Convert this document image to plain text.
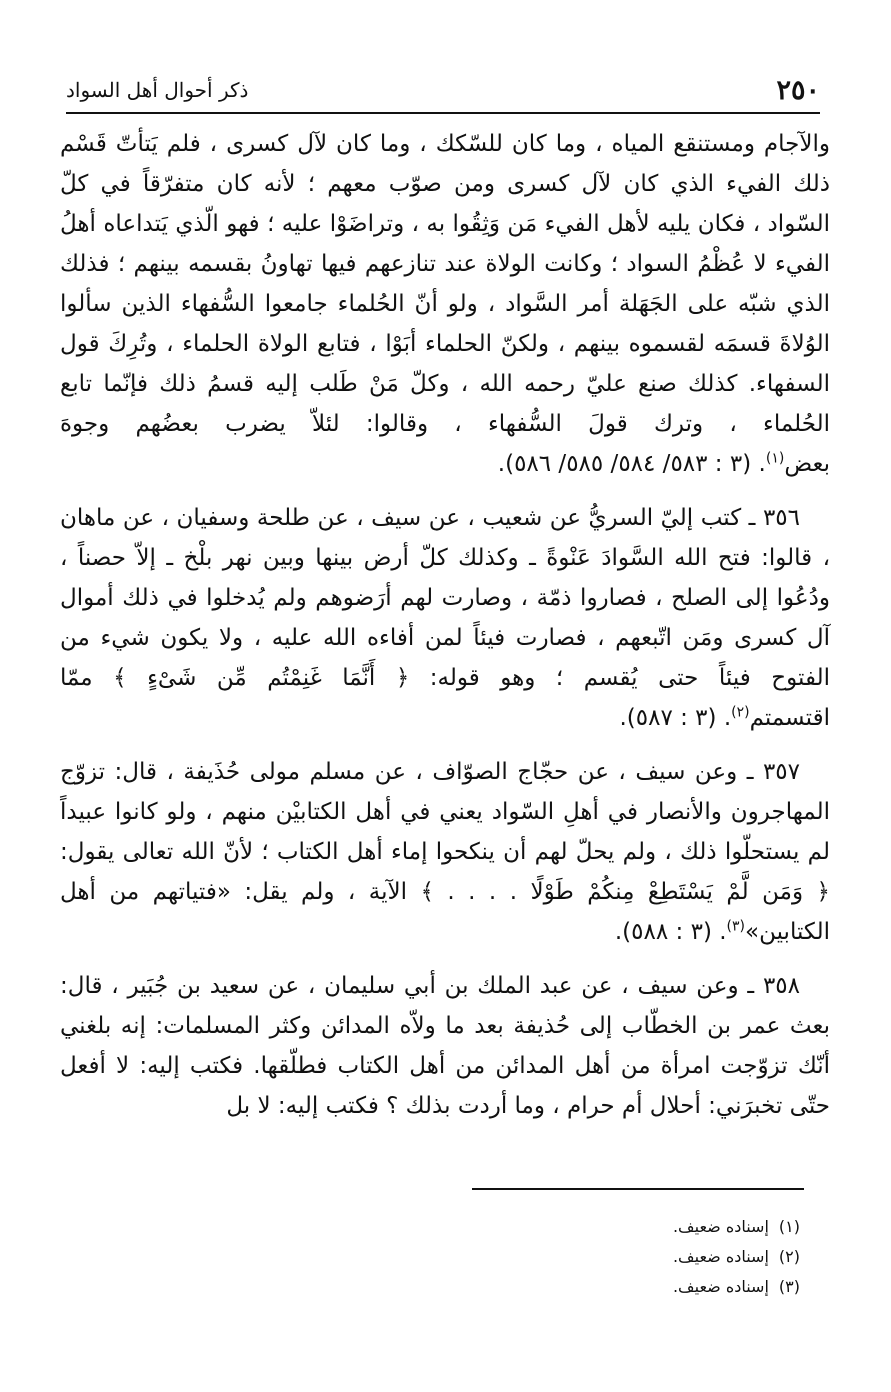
٢٥٠
ذكر أحوال أهل السواد

والآجام ومستنقع المياه ، وما كان للسّكك ، وما كان لآل كسرى ، فلم يَتأتّ قَسْم ذلك الفيء الذي كان لآل كسرى ومن صوّب معهم ؛ لأنه كان متفرّقاً في كلّ السّواد ، فكان يليه لأهل الفيء مَن وَثِقُوا به ، وتراضَوْا عليه ؛ فهو الّذي يَتداعاه أهلُ الفيء لا عُظْمُ السواد ؛ وكانت الولاة عند تنازعهم فيها تهاونُ بقسمه بينهم ؛ فذلك الذي شبّه على الجَهَلة أمر السَّواد ، ولو أنّ الحُلماء جامعوا السُّفهاء الذين سألوا الوُلاةَ قسمَه لقسموه بينهم ، ولكنّ الحلماء أبَوْا ، فتابع الولاة الحلماء ، وتُرِكَ قول السفهاء. كذلك صنع عليّ رحمه الله ، وكلّ مَنْ طَلب إليه قسمُ ذلك فإنّما تابع الحُلماء ، وترك قولَ السُّفهاء ، وقالوا: لئلاّ يضرب بعضُهم وجوهَ بعض$^{(١)}$. (٣ : ٥٨٣/ ٥٨٤/ ٥٨٥/ ٥٨٦).

٣٥٦ ـ كتب إليّ السريُّ عن شعيب ، عن سيف ، عن طلحة وسفيان ، عن ماهان ، قالوا: فتح الله السَّوادَ عَنْوةً ـ وكذلك كلّ أرض بينها وبين نهر بلْخ ـ إلاّ حصناً ، ودُعُوا إلى الصلح ، فصاروا ذمّة ، وصارت لهم أرَضوهم ولم يُدخلوا في ذلك أموال آل كسرى ومَن اتّبعهم ، فصارت فيئاً لمن أفاءه الله عليه ، ولا يكون شيء من الفتوح فيئاً حتى يُقسم ؛ وهو قوله: ﴿ أَنَّمَا غَنِمْتُم مِّن شَىْءٍ ﴾ ممّا اقتسمتم$^{(٢)}$. (٣ : ٥٨٧).

٣٥٧ ـ وعن سيف ، عن حجّاج الصوّاف ، عن مسلم مولى حُذَيفة ، قال: تزوّج المهاجرون والأنصار في أهلِ السّواد يعني في أهل الكتابيْن منهم ، ولو كانوا عبيداً لم يستحلّوا ذلك ، ولم يحلّ لهم أن ينكحوا إماء أهل الكتاب ؛ لأنّ الله تعالى يقول: ﴿ وَمَن لَّمْ يَسْتَطِعْ مِنكُمْ طَوْلًا . . . . ﴾ الآية ، ولم يقل: «فتياتهم من أهل الكتابين»$^{(٣)}$. (٣ : ٥٨٨).

٣٥٨ ـ وعن سيف ، عن عبد الملك بن أبي سليمان ، عن سعيد بن جُبَير ، قال: بعث عمر بن الخطّاب إلى حُذيفة بعد ما ولاّه المدائن وكثر المسلمات: إنه بلغني أنّك تزوّجت امرأة من أهل المدائن من أهل الكتاب فطلّقها. فكتب إليه: لا أفعل حتّى تخبرَني: أحلال أم حرام ، وما أردت بذلك ؟ فكتب إليه: لا بل

(١)إسناده ضعيف.
(٢)إسناده ضعيف.
(٣)إسناده ضعيف.
